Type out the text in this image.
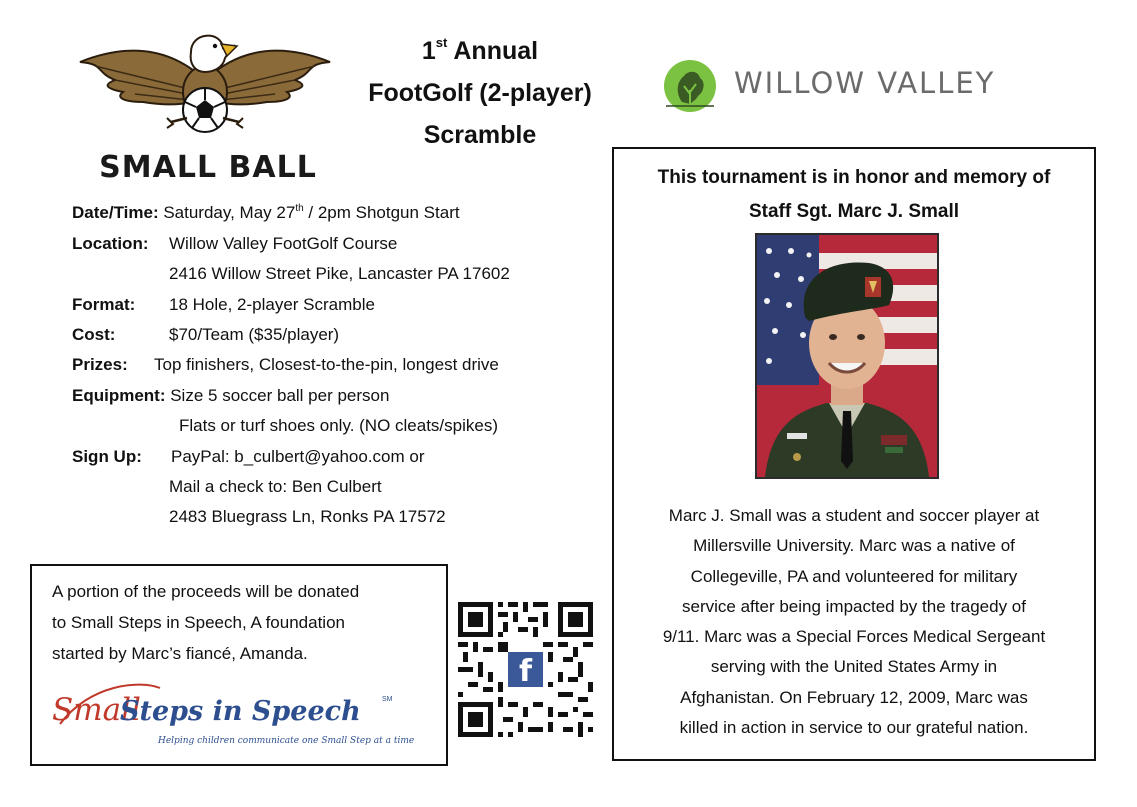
SMALL BALL
1st Annual
FootGolf (2-player)
Scramble
WILLOW VALLEY
Date/Time: Saturday, May 27th / 2pm Shotgun Start
Location: Willow Valley FootGolf Course
2416 Willow Street Pike, Lancaster PA 17602
Format: 18 Hole, 2-player Scramble
Cost:	$70/Team ($35/player)
Prizes: Top finishers, Closest-to-the-pin, longest drive
Equipment: Size 5 soccer ball per person
Flats or turf shoes only. (NO cleats/spikes)
Sign Up: PayPal: b_culbert@yahoo.com or
Mail a check to: Ben Culbert
2483 Bluegrass Ln, Ronks PA 17572
A portion of the proceeds will be donated
to Small Steps in Speech, A foundation
started by Marc’s fiancé, Amanda.
Small
Steps in Speech	SM
Helping children communicate one Small Step at a time
f
This tournament is in honor and memory of
Staff Sgt. Marc J. Small
Marc J. Small was a student and soccer player at
Millersville University. Marc was a native of
Collegeville, PA and volunteered for military
service after being impacted by the tragedy of
9/11. Marc was a Special Forces Medical Sergeant
serving with the United States Army in
Afghanistan. On February 12, 2009, Marc was
killed in action in service to our grateful nation.
